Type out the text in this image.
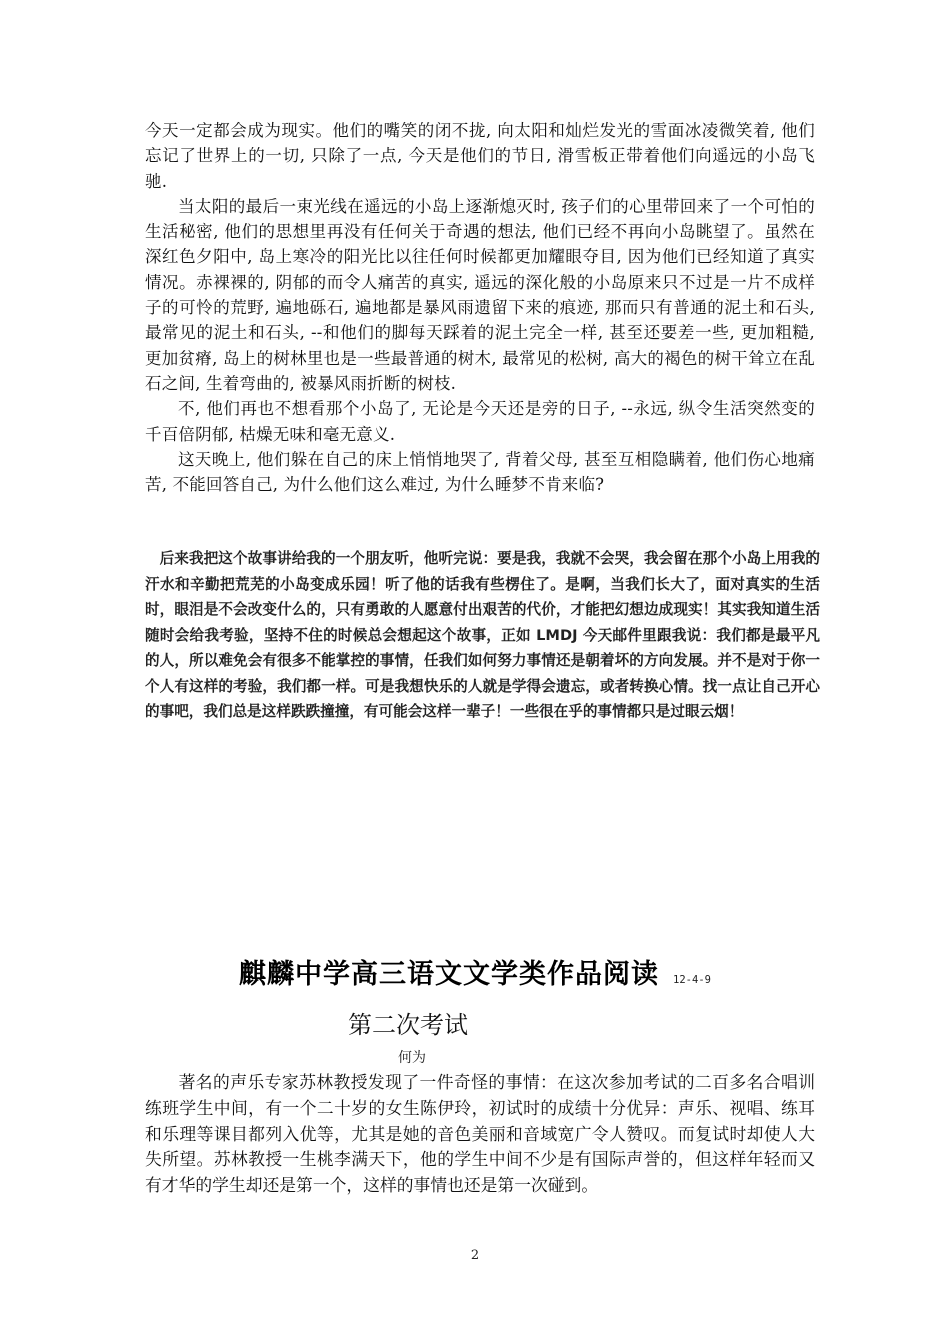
今天一定都会成为现实。他们的嘴笑的闭不拢, 向太阳和灿烂发光的雪面冰凌微笑着, 他们忘记了世界上的一切, 只除了一点, 今天是他们的节日, 滑雪板正带着他们向遥远的小岛飞驰.

当太阳的最后一束光线在遥远的小岛上逐渐熄灭时, 孩子们的心里带回来了一个可怕的生活秘密, 他们的思想里再没有任何关于奇遇的想法, 他们已经不再向小岛眺望了。虽然在深红色夕阳中, 岛上寒冷的阳光比以往任何时候都更加耀眼夺目, 因为他们已经知道了真实情况。赤裸裸的, 阴郁的而令人痛苦的真实, 遥远的深化般的小岛原来只不过是一片不成样子的可怜的荒野, 遍地砾石, 遍地都是暴风雨遗留下来的痕迹, 那而只有普通的泥土和石头, 最常见的泥土和石头, --和他们的脚每天踩着的泥土完全一样, 甚至还要差一些, 更加粗糙, 更加贫瘠, 岛上的树林里也是一些最普通的树木, 最常见的松树, 高大的褐色的树干耸立在乱石之间, 生着弯曲的, 被暴风雨折断的树枝.

不, 他们再也不想看那个小岛了, 无论是今天还是旁的日子, --永远, 纵令生活突然变的千百倍阴郁, 枯燥无味和毫无意义.

这天晚上, 他们躲在自己的床上悄悄地哭了, 背着父母, 甚至互相隐瞒着, 他们伤心地痛苦, 不能回答自己, 为什么他们这么难过, 为什么睡梦不肯来临?

后来我把这个故事讲给我的一个朋友听，他听完说：要是我，我就不会哭，我会留在那个小岛上用我的汗水和辛勤把荒芜的小岛变成乐园！听了他的话我有些楞住了。是啊，当我们长大了，面对真实的生活时，眼泪是不会改变什么的，只有勇敢的人愿意付出艰苦的代价，才能把幻想边成现实！其实我知道生活随时会给我考验，坚持不住的时候总会想起这个故事，正如 LMDJ 今天邮件里跟我说：我们都是最平凡的人，所以难免会有很多不能掌控的事情，任我们如何努力事情还是朝着坏的方向发展。并不是对于你一个人有这样的考验，我们都一样。可是我想快乐的人就是学得会遗忘，或者转换心情。找一点让自己开心的事吧，我们总是这样跌跌撞撞，有可能会这样一辈子！一些很在乎的事情都只是过眼云烟！
麒麟中学高三语文文学类作品阅读 12-4-9
第二次考试
何为
著名的声乐专家苏林教授发现了一件奇怪的事情：在这次参加考试的二百多名合唱训练班学生中间，有一个二十岁的女生陈伊玲，初试时的成绩十分优异：声乐、视唱、练耳和乐理等课目都列入优等，尤其是她的音色美丽和音域宽广令人赞叹。而复试时却使人大失所望。苏林教授一生桃李满天下，他的学生中间不少是有国际声誉的，但这样年轻而又有才华的学生却还是第一个，这样的事情也还是第一次碰到。
2
